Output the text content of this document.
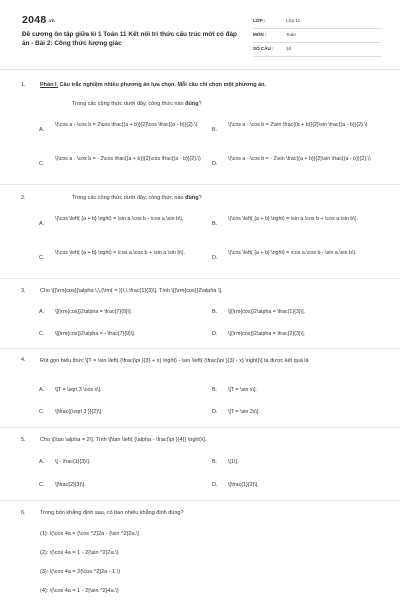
2048.vn
Đề cương ôn tập giữa kì 1 Toán 11 Kết nối tri thức cấu trúc mới có đáp án - Bài 2: Công thức lượng giác
LỚP :	Lớp 11
MÔN :	Toán
SỐ CÂU :	16
1.	Phần I. Câu trắc nghiệm nhiều phương án lựa chọn. Mỗi câu chỉ chọn một phương án.
Trong các công thức dưới đây, công thức nào đúng?
A.
\(\cos a - \cos b = 2\cos \frac{(a + b)}{2}\cos \frac{(a - b)}{2}.\)
B.
\(\cos a - \cos b = 2\sin \frac{(a + b)}{2}\sin \frac{(a - b)}{2}.\)
C.
\(\cos a - \cos b = - 2\cos \frac{(a + b)}{2}\cos \frac{(a - b)}{2}.\)
D.
\(\cos a - \cos b = - 2\sin \frac{(a + b)}{2}\sin \frac{(a - b)}{2}.\)
2.	Trong các công thức dưới đây, công thức nào đúng?
A.
\(\cos \left( {a + b} \right) = \sin a.\cos b - \cos a.\sin b\).
B.
\(\cos \left( {a + b} \right) = \sin a.\cos b + \cos a.\sin b\).
C.
\(\cos \left( {a + b} \right) = \cos a.\cos b + \sin a.\sin b\).
D.
\(\cos \left( {a + b} \right) = \cos a.\cos b - \sin a.\sin b\).
3.	Cho \[{\rm{cos}}\alpha \,\,{\rm{ = }}\,\,\frac{1}{3}\]. Tính \[{\rm{cos}}2\alpha \].
A. \[{\rm{cos}}2\alpha = \frac{7}{9}\].	B. \[{\rm{cos}}2\alpha = \frac{1}{3}\].
C. \[{\rm{cos}}2\alpha = - \frac{7}{9}\].	D. \[{\rm{cos}}2\alpha = \frac{2}{3}\].
4.	Rút gọn biểu thức \[T = \sin \left( {\frac{\pi }{3} + x} \right) - \sin \left( {\frac{\pi }{3} - x} \right)\] ta được kết quả là
A. \[T = \sqrt 3 \cos x\].	B. \[T = \sin x\].
C. \[\frac{{\sqrt 3 }}{2}\].	D. \[T = \sin 2x\].
5.	Cho \[\tan \alpha = 2\]. Tính \[\tan \left( {\alpha - \frac{\pi }{4}} \right)\].
A. \[ - \frac{1}{3}\].	B. \[1\].
C. \[\frac{2}{3}\].	D. \[\frac{1}{3}\].
6.	Trong bốn khẳng định sau, có bao nhiêu khẳng định đúng?
(1): \(\cos 4a = {\cos ^2}2a - {\sin ^2}2a.\)
(2): \(\cos 4a = 1 - 2{\sin ^2}2a.\)
(3): \(\cos 4a = 2{\cos ^2}2a - 1.\)
(4): \(\cos 4a = 1 - 2{\sin ^2}4a.\)
